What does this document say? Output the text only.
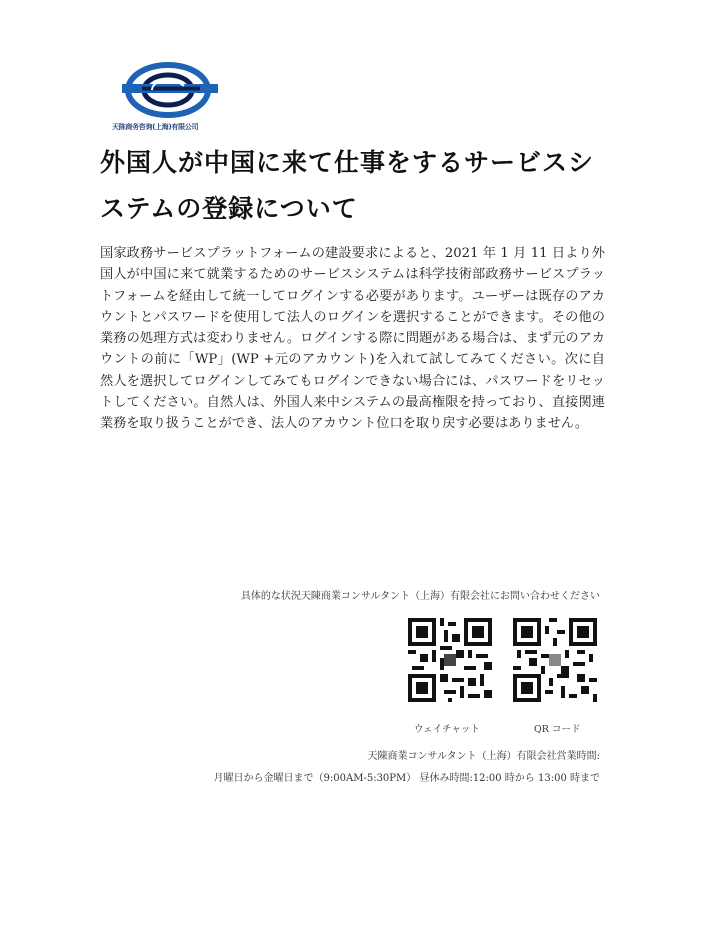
天陈商务咨询(上海)有限公司
外国人が中国に来て仕事をするサービスシステムの登録について

国家政務サービスプラットフォームの建設要求によると、2021 年 1 月 11 日より外国人が中国に来て就業するためのサービスシステムは科学技術部政務サービスプラットフォームを経由して統一してログインする必要があります。ユーザーは既存のアカウントとパスワードを使用して法人のログインを選択することができます。その他の業務の処理方式は変わりません。ログインする際に問題がある場合は、まず元のアカウントの前に「WP」(WP +元のアカウント)を入れて試してみてください。次に自然人を選択してログインしてみてもログインできない場合には、パスワードをリセットしてください。自然人は、外国人来中システムの最高権限を持っており、直接関連業務を取り扱うことができ、法人のアカウント位口を取り戻す必要はありません。

具体的な状況天陳商業コンサルタント（上海）有限会社にお問い合わせください
ウェイチャット	QR コード
天陳商業コンサルタント（上海）有限会社営業時間:
月曜日から金曜日まで（9:00AM-5:30PM） 昼休み時間:12:00 時から 13:00 時まで
